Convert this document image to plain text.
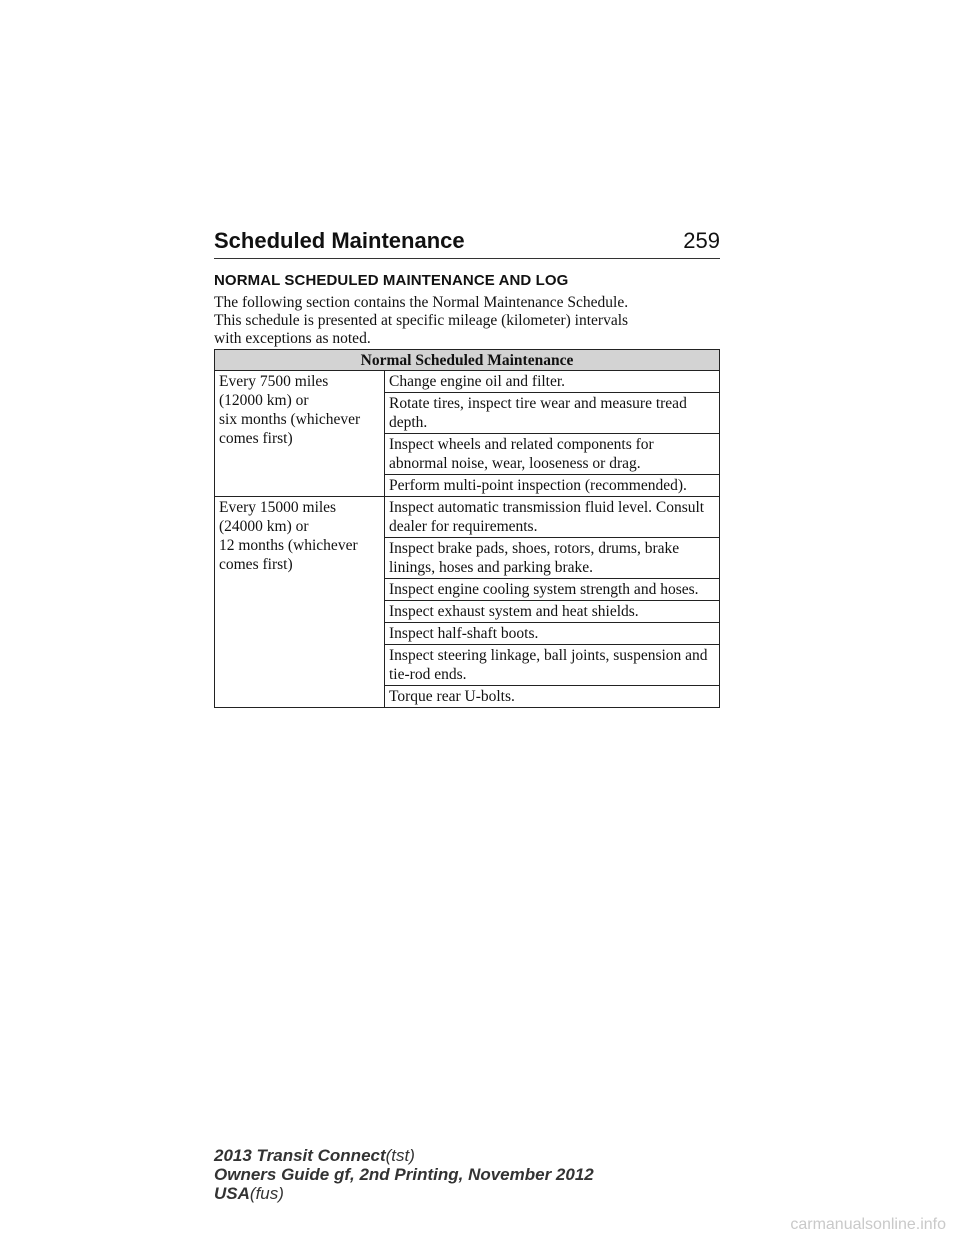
Scheduled Maintenance	259
NORMAL SCHEDULED MAINTENANCE AND LOG
The following section contains the Normal Maintenance Schedule.
This schedule is presented at specific mileage (kilometer) intervals
with exceptions as noted.
Normal Scheduled Maintenance	
Every 7500 miles
(12000 km) or
six months (whichever
comes first)	Change engine oil and filter.
	Rotate tires, inspect tire wear and measure tread depth.
	Inspect wheels and related components for abnormal noise, wear, looseness or drag.
	Perform multi-point inspection (recommended).
Every 15000 miles
(24000 km) or
12 months (whichever
comes first)	Inspect automatic transmission fluid level. Consult dealer for requirements.
	Inspect brake pads, shoes, rotors, drums, brake linings, hoses and parking brake.
	Inspect engine cooling system strength and hoses.
	Inspect exhaust system and heat shields.
	Inspect half-shaft boots.
	Inspect steering linkage, ball joints, suspension and tie-rod ends.
	Torque rear U-bolts.
2013 Transit Connect(tst)
Owners Guide gf, 2nd Printing, November 2012
USA(fus)
carmanualsonline.info
